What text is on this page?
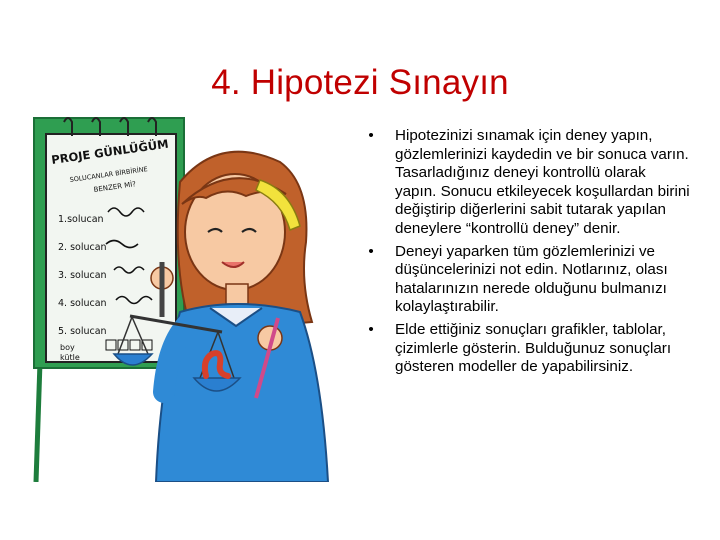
4. Hipotezi Sınayın
PROJE GÜNLÜĞÜM
SOLUCANLAR BİRBİRİNE
BENZER Mİ?
1.solucan
2. solucan
3. solucan
4. solucan
5. solucan
boy
kütle
• Hipotezinizi sınamak için deney yapın, gözlemlerinizi kaydedin ve bir sonuca varın. Tasarladığınız deneyi kontrollü olarak yapın. Sonucu etkileyecek koşullardan birini değiştirip diğerlerini sabit tutarak yapılan deneylere “kontrollü deney” denir.
• Deneyi yaparken tüm gözlemlerinizi ve düşüncelerinizi not edin. Notlarınız, olası hatalarınızın nerede olduğunu bulmanızı kolaylaştırabilir.
• Elde ettiğiniz sonuçları grafikler, tablolar, çizimlerle gösterin. Bulduğunuz sonuçları gösteren modeller de yapabilirsiniz.
